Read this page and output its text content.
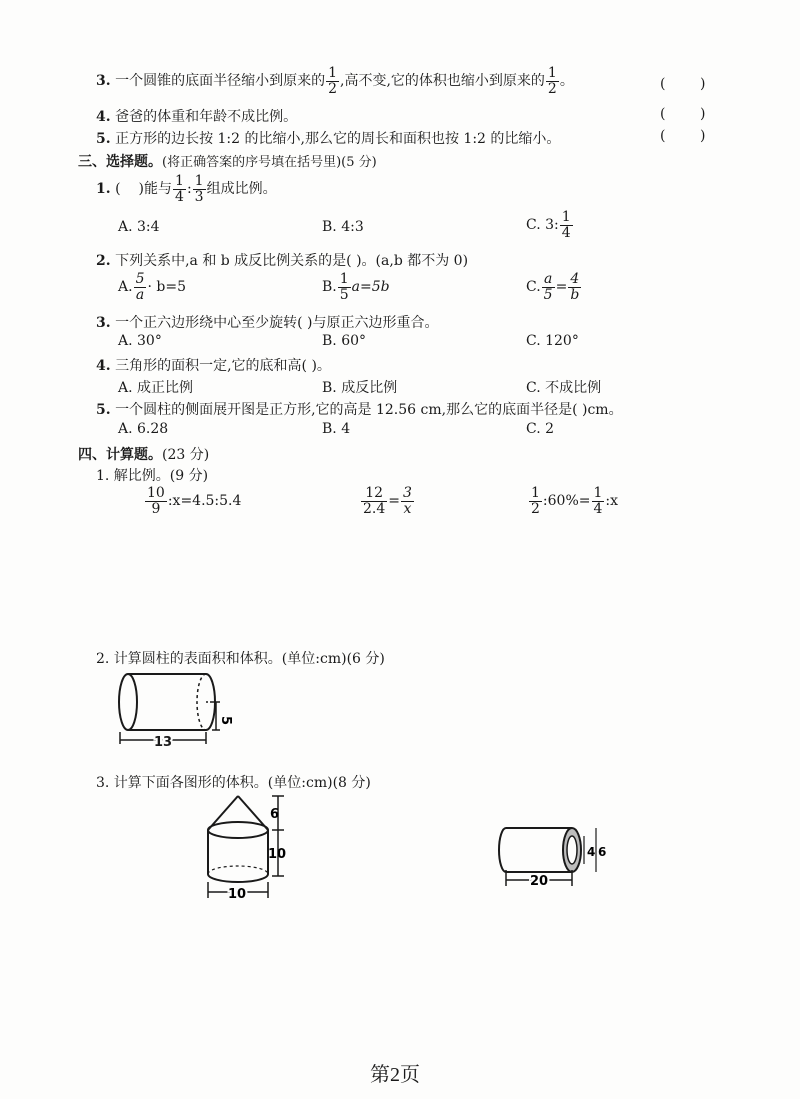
3. 一个圆锥的底面半径缩小到原来的 $\frac{1}{2}$ ,高不变,它的体积也缩小到原来的 $\frac{1}{2}$ 。	( )
4. 爸爸的体重和年龄不成比例。	( )
5. 正方形的边长按 1:2 的比缩小,那么它的周长和面积也按 1:2 的比缩小。	( )
三、选择题。(将正确答案的序号填在括号里)(5 分)
1. ( )能与 $\frac{1}{4}$ : $\frac{1}{3}$ 组成比例。
A. 3:4	B. 4:3	C. 3: $\frac{1}{4}$
2. 下列关系中,a 和 b 成反比例关系的是( )。(a,b 都不为 0)
A. $\frac{5}{a} \cdot b=5$	B. $\frac{1}{5} a=5b$	C. $\frac{a}{5} = \frac{4}{b}$
3. 一个正六边形绕中心至少旋转( )与原正六边形重合。
A. 30°	B. 60°	C. 120°
4. 三角形的面积一定,它的底和高( )。
A. 成正比例	B. 成反比例	C. 不成比例
5. 一个圆柱的侧面展开图是正方形,它的高是 12.56 cm,那么它的底面半径是( )cm。
A. 6.28	B. 4	C. 2
四、计算题。(23 分)
1. 解比例。(9 分)
$\frac{10}{9}$ :x=4.5:5.4	$\frac{12}{2.4} = \frac{3}{x}$	$\frac{1}{2}$ :60%= $\frac{1}{4}$ :x
2. 计算圆柱的表面积和体积。(单位:cm)(6 分)
5
13
3. 计算下面各图形的体积。(单位:cm)(8 分)
6
10
10
4 6
20
第2页
